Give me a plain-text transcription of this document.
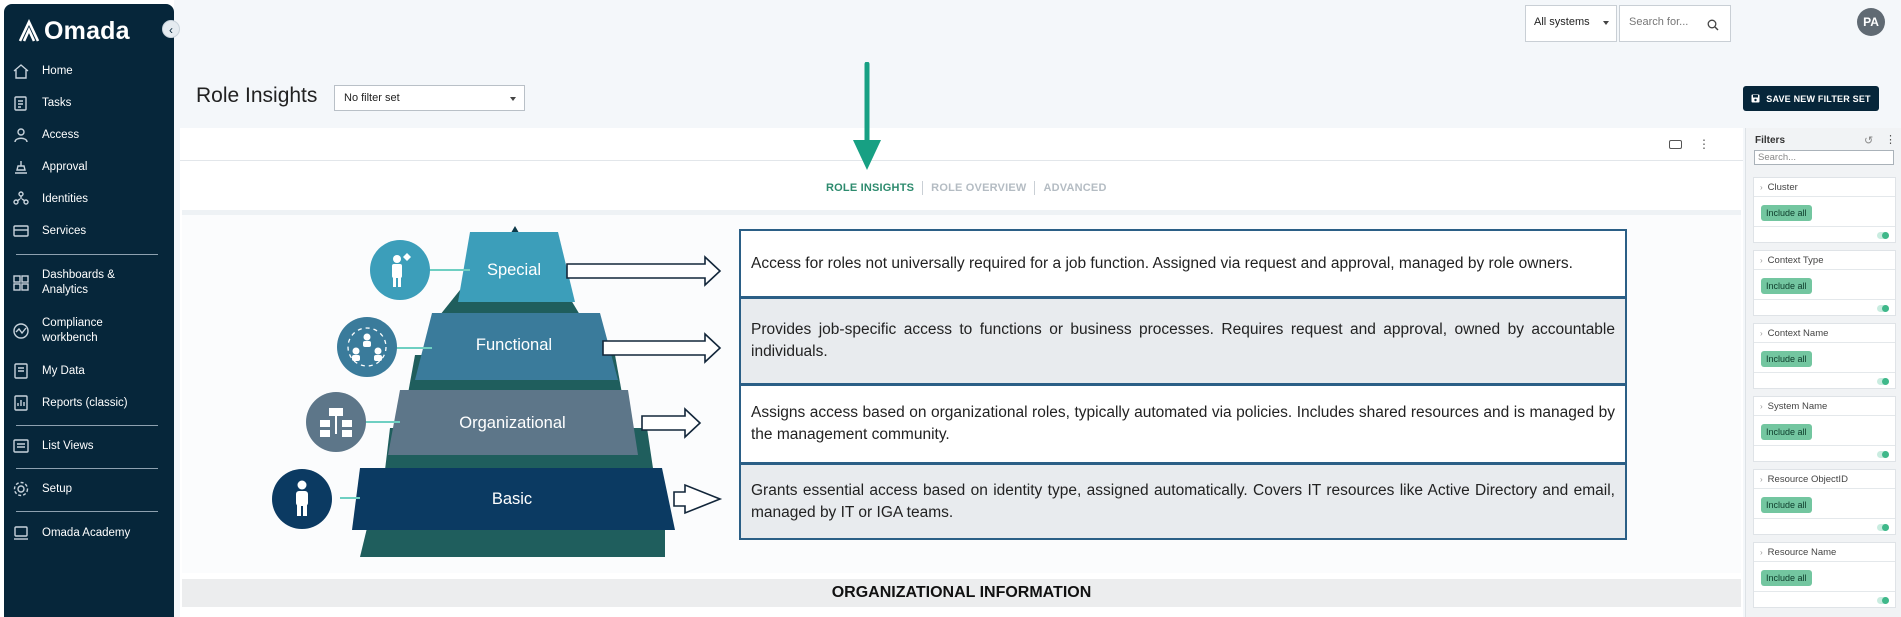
Omada	‹
Home
Tasks
Access
Approval
Identities
Services
Dashboards & Analytics
Compliance workbench
My Data
Reports (classic)
List Views
Setup
Omada Academy
All systems	Search for...	PA
Role Insights	No filter set	SAVE NEW FILTER SET
⋮
ROLE INSIGHTS	ROLE OVERVIEW	ADVANCED
Special
Functional
Organizational
Basic
Access for roles not universally required for a job function. Assigned via request and approval, managed by role owners.
Provides job-specific access to functions or business processes. Requires request and approval, owned by accountable individuals.
Assigns access based on organizational roles, typically automated via policies. Includes shared resources and is managed by the management community.
Grants essential access based on identity type, assigned automatically. Covers IT resources like Active Directory and email, managed by IT or IGA teams.
ORGANIZATIONAL INFORMATION
Filters	↺ ⋮
Search...
› Cluster
Include all
› Context Type
Include all
› Context Name
Include all
› System Name
Include all
› Resource ObjectID
Include all
› Resource Name
Include all
